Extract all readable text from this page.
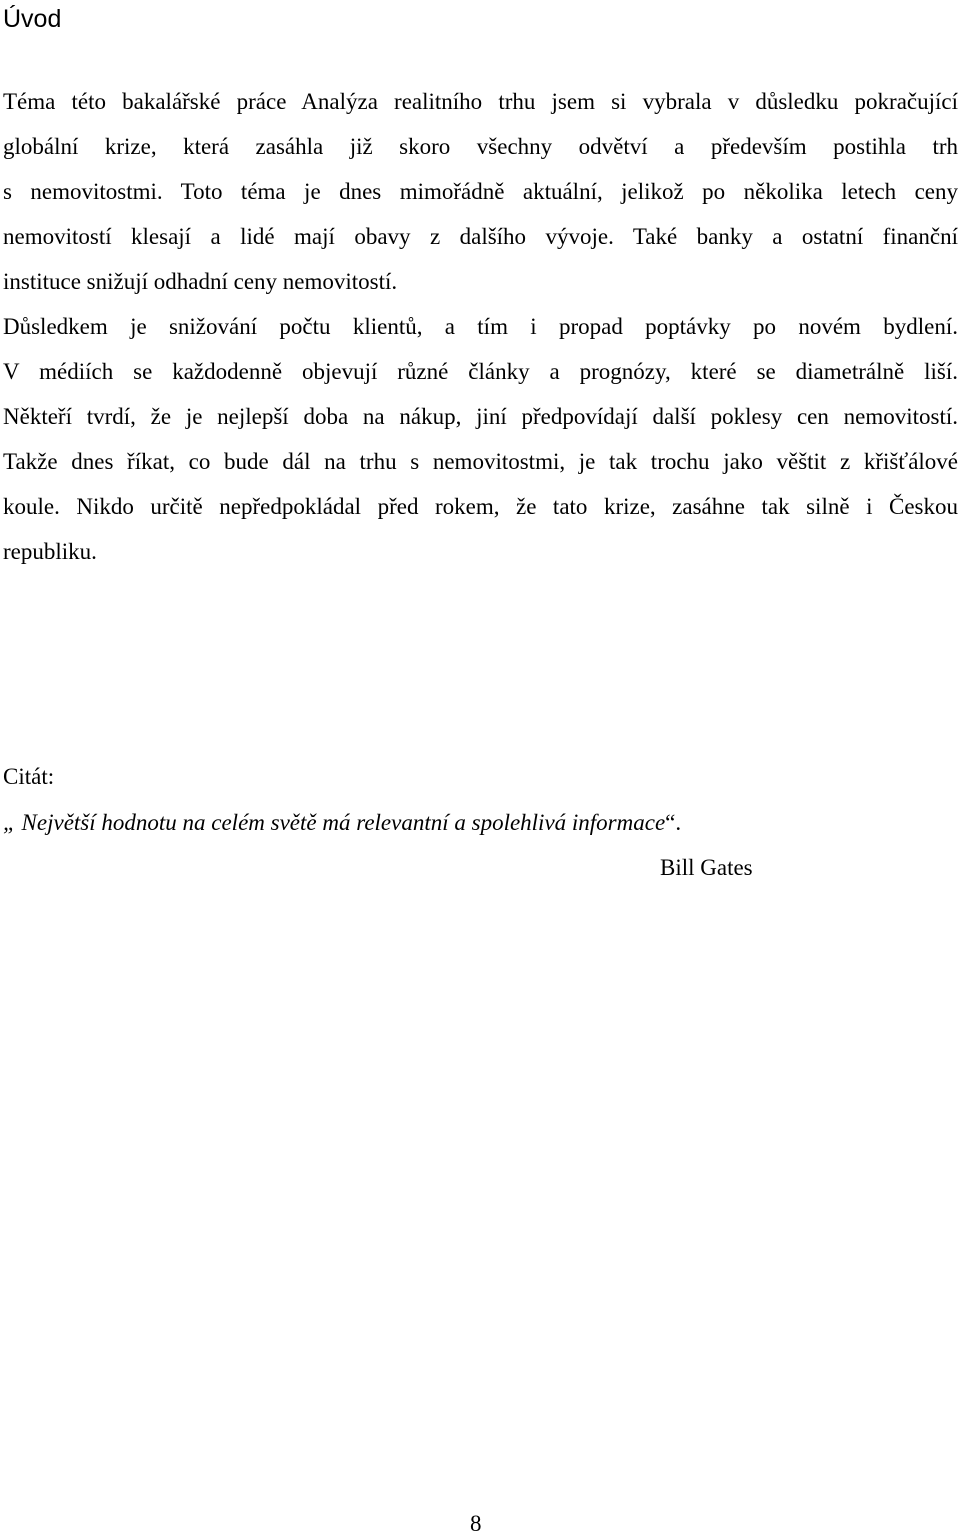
Úvod
Téma této bakalářské práce Analýza realitního trhu jsem si vybrala v důsledku pokračující
globální krize, která zasáhla již skoro všechny odvětví a především postihla trh
s nemovitostmi. Toto téma je dnes mimořádně aktuální, jelikož po několika letech ceny
nemovitostí klesají a lidé mají obavy z dalšího vývoje. Také banky a ostatní finanční
instituce snižují odhadní ceny nemovitostí.
Důsledkem je snižování počtu klientů, a tím i propad poptávky po novém bydlení.
V médiích se každodenně objevují různé články a prognózy, které se diametrálně liší.
Někteří tvrdí, že je nejlepší doba na nákup, jiní předpovídají další poklesy cen nemovitostí.
Takže dnes říkat, co bude dál na trhu s nemovitostmi, je tak trochu jako věštit z křišťálové
koule. Nikdo určitě nepředpokládal před rokem, že tato krize, zasáhne tak silně i Českou
republiku.
Citát:
„ Největší hodnotu na celém světě má relevantní a spolehlivá informace“.
Bill Gates
8
